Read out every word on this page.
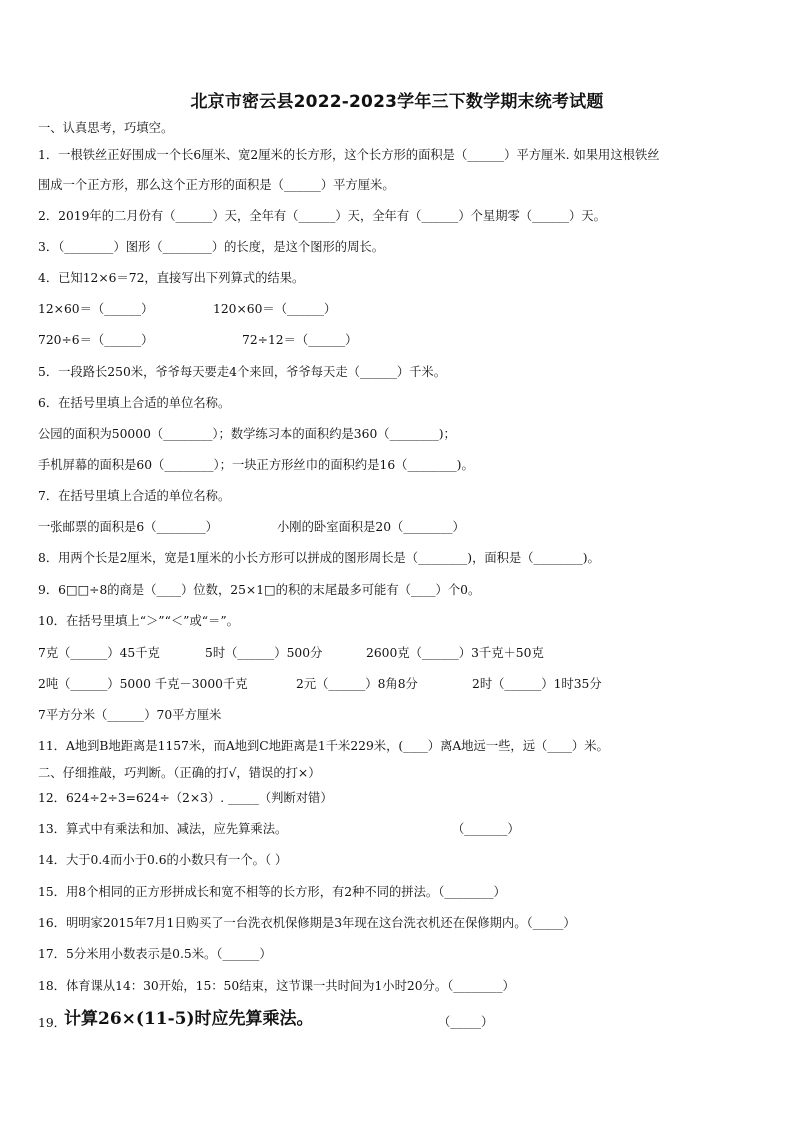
北京市密云县2022-2023学年三下数学期末统考试题
一、认真思考，巧填空。
1．一根铁丝正好围成一个长6厘米、宽2厘米的长方形，这个长方形的面积是（______）平方厘米. 如果用这根铁丝
围成一个正方形，那么这个正方形的面积是（______）平方厘米。
2．2019年的二月份有（______）天，全年有（______）天，全年有（______）个星期零（______）天。
3．（________）图形（________）的长度，是这个图形的周长。
4．已知12×6＝72，直接写出下列算式的结果。
12×60＝（______）	120×60＝（______）
720÷6＝（______）	72÷12＝（______）
5．一段路长250米，爷爷每天要走4个来回，爷爷每天走（______）千米。
6．在括号里填上合适的单位名称。
公园的面积为50000（________）；数学练习本的面积约是360（________)；
手机屏幕的面积是60（________）；一块正方形丝巾的面积约是16（________)。
7．在括号里填上合适的单位名称。
一张邮票的面积是6（________）	小刚的卧室面积是20（________）
8．用两个长是2厘米，宽是1厘米的小长方形可以拼成的图形周长是（________)，面积是（________)。
9．6□□÷8的商是（____）位数，25×1□的积的末尾最多可能有（____）个0。
10．在括号里填上“＞”“＜”或“＝”。
7克（______）45千克	5时（______）500分	2600克（______）3千克＋50克
2吨（______）5000 千克－3000千克	2元（______）8角8分	2时（______）1时35分
7平方分米（______）70平方厘米
11．A地到B地距离是1157米，而A地到C地距离是1千米229米，(____）离A地远一些，远（____）米。
二、仔细推敲，巧判断。（正确的打√，错误的打×）
12．624÷2÷3=624÷（2×3）. _____（判断对错）
13．算式中有乘法和加、减法，应先算乘法。	（_______）
14．大于0.4而小于0.6的小数只有一个。（ ）
15．用8个相同的正方形拼成长和宽不相等的长方形，有2种不同的拼法。（________）
16．明明家2015年7月1日购买了一台洗衣机保修期是3年现在这台洗衣机还在保修期内。（_____）
17．5分米用小数表示是0.5米。（______）
18．体育课从14：30开始，15：50结束，这节课一共时间为1小时20分。（________）
19．
计算26×(11-5)时应先算乘法。	（_____）
